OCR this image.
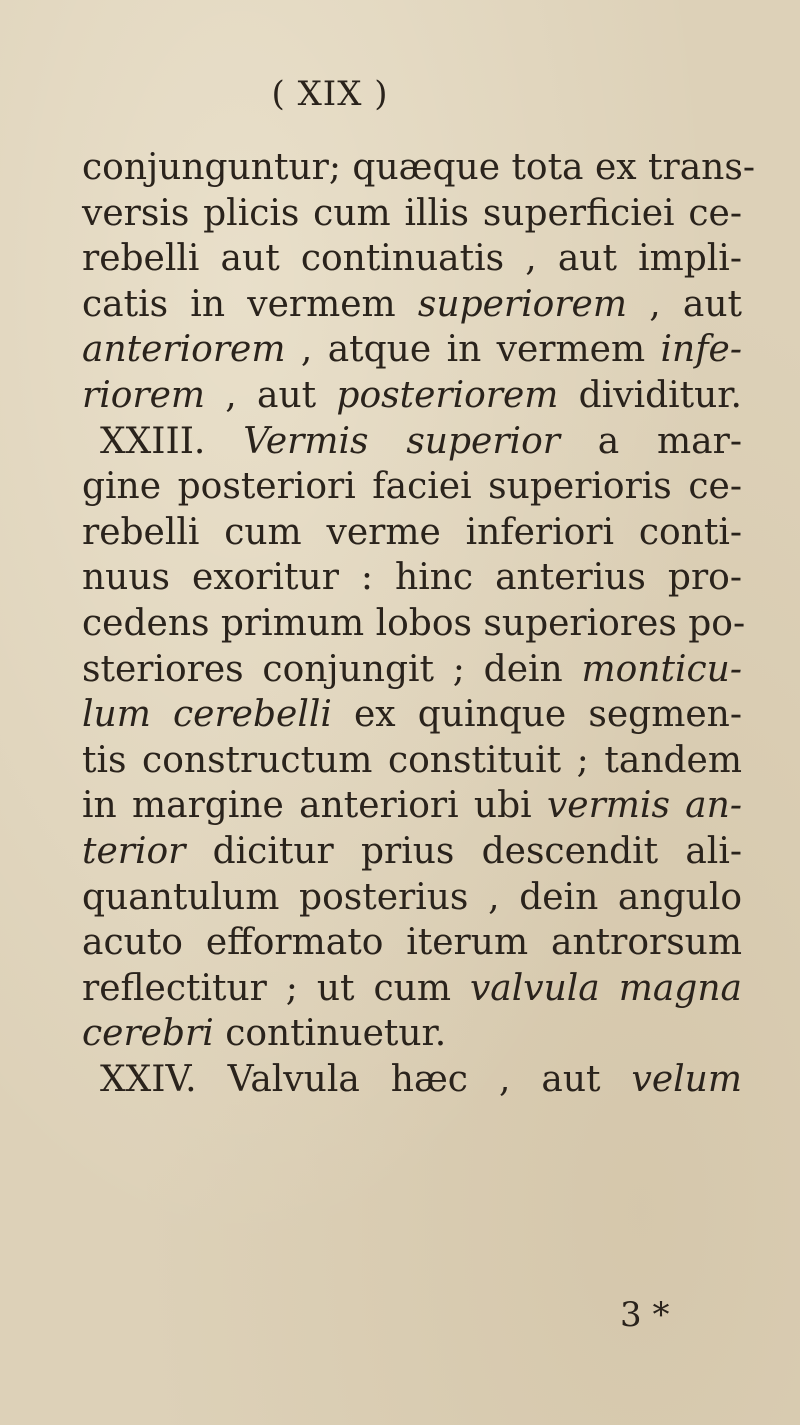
( XIX )
conjunguntur; quæque tota ex trans-
versis plicis cum illis superficiei ce-
rebelli aut continuatis , aut impli-
catis in vermem superiorem , aut
anteriorem , atque in vermem infe-
riorem , aut posteriorem dividitur.
XXIII. Vermis superior a mar-
gine posteriori faciei superioris ce-
rebelli cum verme inferiori conti-
nuus exoritur : hinc anterius pro-
cedens primum lobos superiores po-
steriores conjungit ; dein monticu-
lum cerebelli ex quinque segmen-
tis constructum constituit ; tandem
in margine anteriori ubi vermis an-
terior dicitur prius descendit ali-
quantulum posterius , dein angulo
acuto efformato iterum antrorsum
reflectitur ; ut cum valvula magna
cerebri continuetur.
XXIV. Valvula hæc , aut velum
3 *
